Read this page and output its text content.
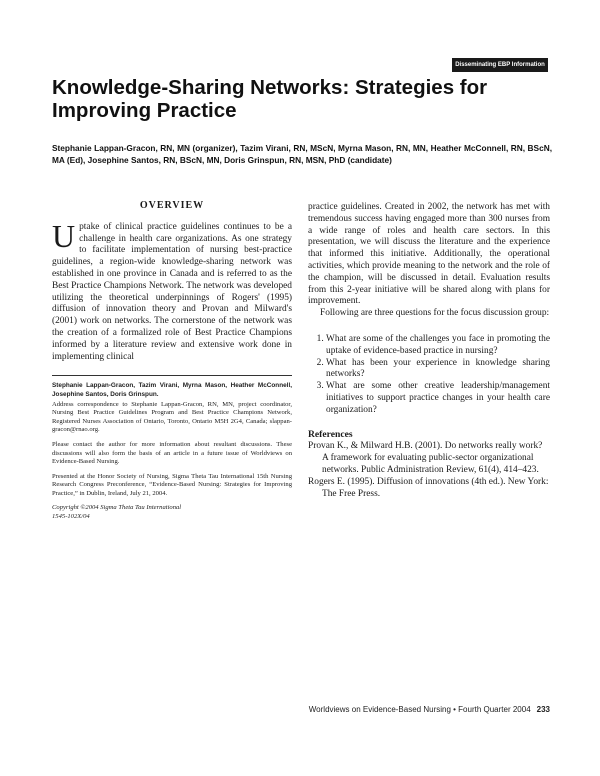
Disseminating EBP Information
Knowledge-Sharing Networks: Strategies for Improving Practice

Stephanie Lappan-Gracon, RN, MN (organizer), Tazim Virani, RN, MScN, Myrna Mason, RN, MN, Heather McConnell, RN, BScN, MA (Ed), Josephine Santos, RN, BScN, MN, Doris Grinspun, RN, MSN, PhD (candidate)

OVERVIEW

Uptake of clinical practice guidelines continues to be a challenge in health care organizations. As one strategy to facilitate implementation of nursing best-practice guidelines, a region-wide knowledge-sharing network was established in one province in Canada and is referred to as the Best Practice Champions Network. The network was developed utilizing the theoretical underpinnings of Rogers' (1995) diffusion of innovation theory and Provan and Milward's (2001) work on networks. The cornerstone of the network was the creation of a formalized role of Best Practice Champions informed by a literature review and extensive work done in implementing clinical

Stephanie Lappan-Gracon, Tazim Virani, Myrna Mason, Heather McConnell, Josephine Santos, Doris Grinspun.

Address correspondence to Stephanie Lappan-Gracon, RN, MN, project coordinator, Nursing Best Practice Guidelines Program and Best Practice Champions Network, Registered Nurses Association of Ontario, Toronto, Ontario M5H 2G4, Canada; slappan-gracon@rnao.org.

Please contact the author for more information about resultant discussions. These discussions will also form the basis of an article in a future issue of Worldviews on Evidence-Based Nursing.

Presented at the Honor Society of Nursing, Sigma Theta Tau International 15th Nursing Research Congress Preconference, “Evidence-Based Nursing: Strategies for Improving Practice,” in Dublin, Ireland, July 21, 2004.

Copyright ©2004 Sigma Theta Tau International

1545-102X/04

practice guidelines. Created in 2002, the network has met with tremendous success having engaged more than 300 nurses from a wide range of roles and health care sectors. In this presentation, we will discuss the literature and the experience that informed this initiative. Additionally, the operational activities, which provide meaning to the network and the role of the champion, will be discussed in detail. Evaluation results from this 2-year initiative will be shared along with plans for improvement.

Following are three questions for the focus discussion group:

1. What are some of the challenges you face in promoting the uptake of evidence-based practice in nursing?
2. What has been your experience in knowledge sharing networks?
3. What are some other creative leadership/management initiatives to support practice changes in your health care organization?

References

Provan K., & Milward H.B. (2001). Do networks really work? A framework for evaluating public-sector organizational networks. Public Administration Review, 61(4), 414–423.

Rogers E. (1995). Diffusion of innovations (4th ed.). New York: The Free Press.

Worldviews on Evidence-Based Nursing • Fourth Quarter 2004 233
